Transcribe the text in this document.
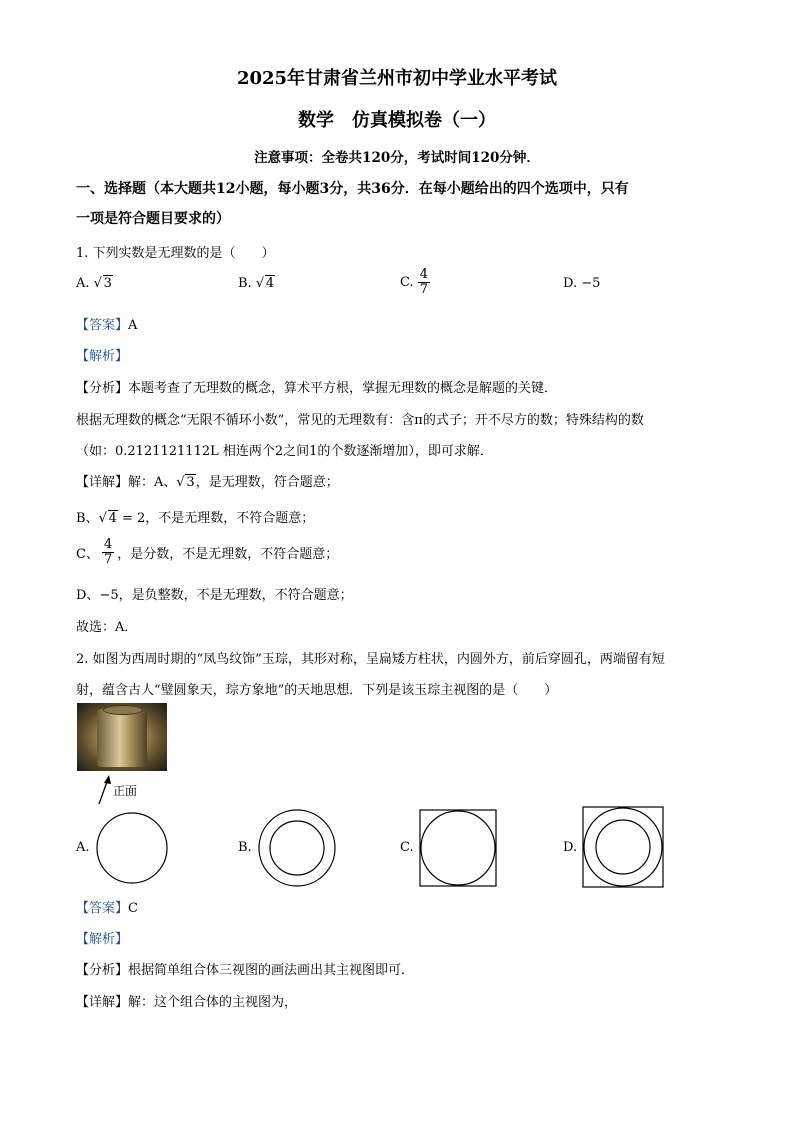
2025年甘肃省兰州市初中学业水平考试
数学　仿真模拟卷（一）
注意事项：全卷共120分，考试时间120分钟．
一、选择题（本大题共12小题，每小题3分，共36分．在每小题给出的四个选项中，只有
一项是符合题目要求的）
1. 下列实数是无理数的是（　　）
A. √ 3	B. √ 4	C. $\frac{4}{7}$	D. −5
【答案】A
【解析】
【分析】本题考查了无理数的概念，算术平方根，掌握无理数的概念是解题的关键．
根据无理数的概念“无限不循环小数”，常见的无理数有：含π的式子；开不尽方的数；特殊结构的数
（如：0.2121121112L 相连两个2之间1的个数逐渐增加），即可求解．
【详解】解：A、 √ 3，是无理数，符合题意；
B、 √ 4 = 2，不是无理数，不符合题意；
C、 $\frac{4}{7}$ ，是分数，不是无理数，不符合题意；
D、−5，是负整数，不是无理数，不符合题意；
故选：A．
2. 如图为西周时期的“凤鸟纹饰”玉琮，其形对称，呈扁矮方柱状，内圆外方，前后穿圆孔，两端留有短
射，蕴含古人“璧圆象天，琮方象地”的天地思想．下列是该玉琮主视图的是（　　）
正面
A.	B.	C.	D.
【答案】C
【解析】
【分析】根据简单组合体三视图的画法画出其主视图即可．
【详解】解：这个组合体的主视图为，
